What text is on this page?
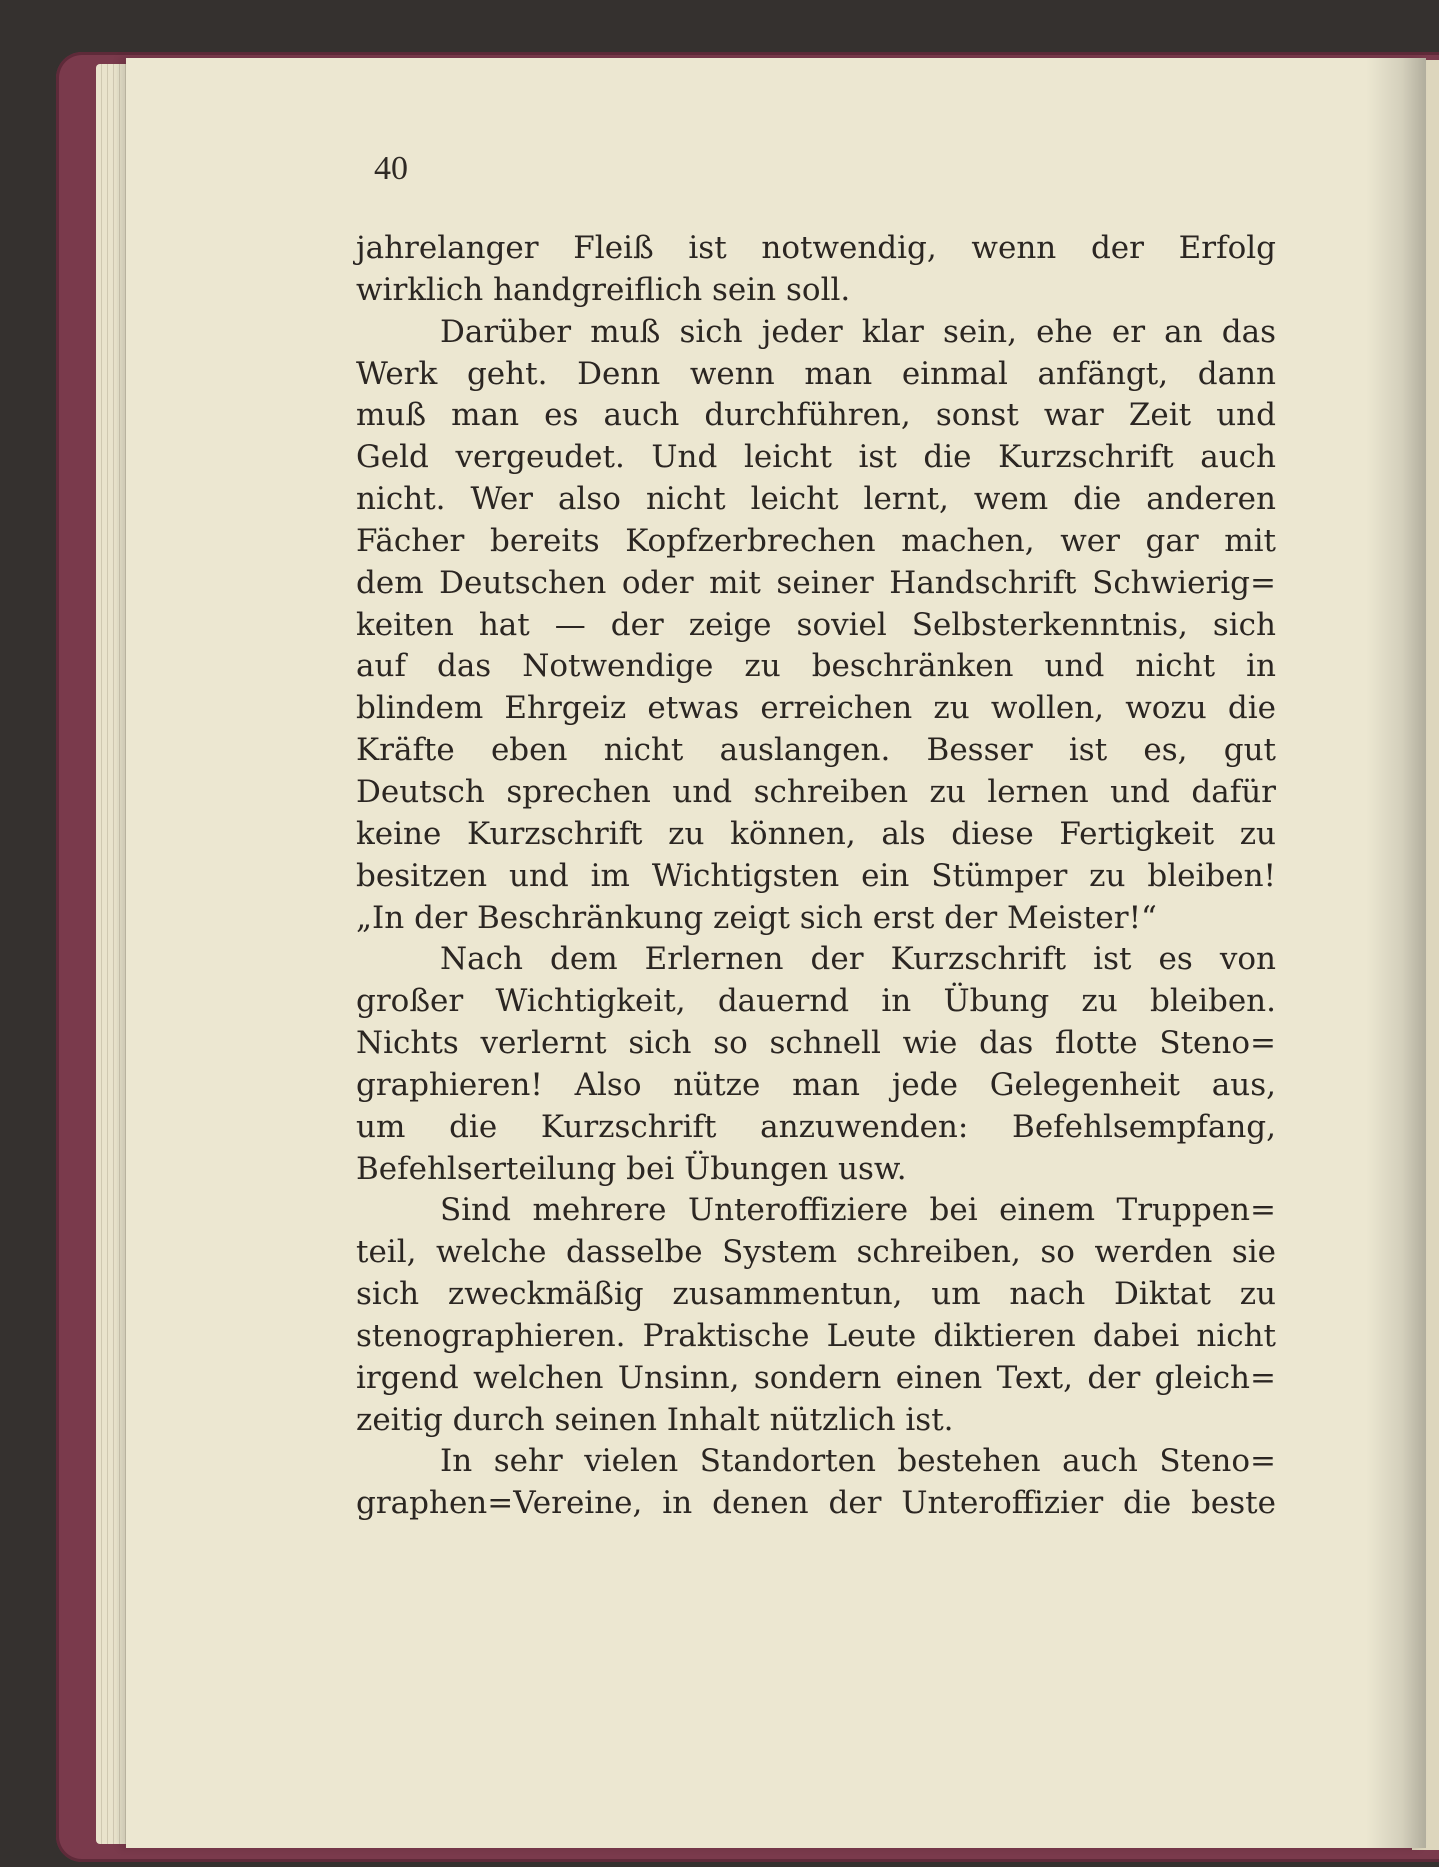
40
jahrelanger Fleiß ist notwendig, wenn der Erfolg
wirklich handgreiflich sein soll.
Darüber muß sich jeder klar sein, ehe er an das
Werk geht. Denn wenn man einmal anfängt, dann
muß man es auch durchführen, sonst war Zeit und
Geld vergeudet. Und leicht ist die Kurzschrift auch
nicht. Wer also nicht leicht lernt, wem die anderen
Fächer bereits Kopfzerbrechen machen, wer gar mit
dem Deutschen oder mit seiner Handschrift Schwierig=
keiten hat — der zeige soviel Selbsterkenntnis, sich
auf das Notwendige zu beschränken und nicht in
blindem Ehrgeiz etwas erreichen zu wollen, wozu die
Kräfte eben nicht auslangen. Besser ist es, gut
Deutsch sprechen und schreiben zu lernen und dafür
keine Kurzschrift zu können, als diese Fertigkeit zu
besitzen und im Wichtigsten ein Stümper zu bleiben!
„In der Beschränkung zeigt sich erst der Meister!“
Nach dem Erlernen der Kurzschrift ist es von
großer Wichtigkeit, dauernd in Übung zu bleiben.
Nichts verlernt sich so schnell wie das flotte Steno=
graphieren! Also nütze man jede Gelegenheit aus,
um die Kurzschrift anzuwenden: Befehlsempfang,
Befehlserteilung bei Übungen usw.
Sind mehrere Unteroffiziere bei einem Truppen=
teil, welche dasselbe System schreiben, so werden sie
sich zweckmäßig zusammentun, um nach Diktat zu
stenographieren. Praktische Leute diktieren dabei nicht
irgend welchen Unsinn, sondern einen Text, der gleich=
zeitig durch seinen Inhalt nützlich ist.
In sehr vielen Standorten bestehen auch Steno=
graphen=Vereine, in denen der Unteroffizier die beste
